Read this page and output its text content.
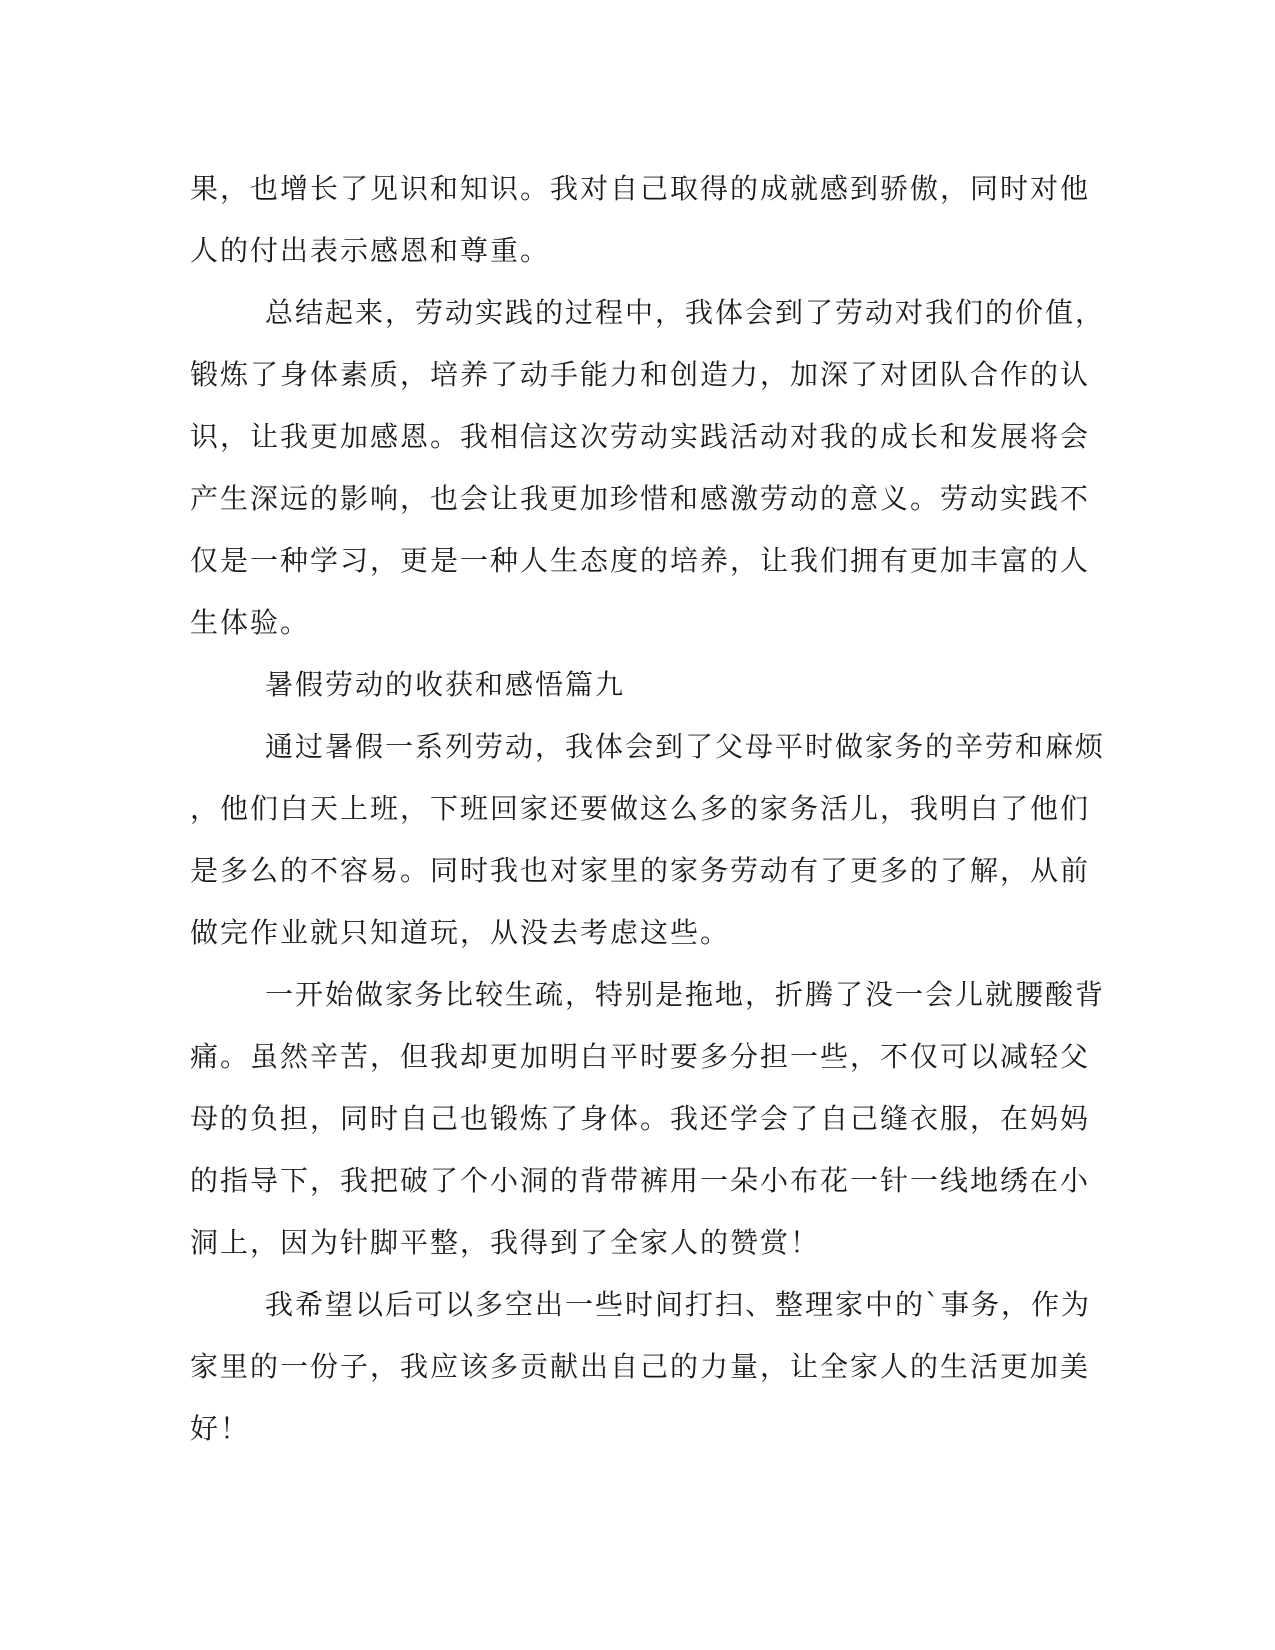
果，也增长了见识和知识。我对自己取得的成就感到骄傲，同时对他
人的付出表示感恩和尊重。
总结起来，劳动实践的过程中，我体会到了劳动对我们的价值，
锻炼了身体素质，培养了动手能力和创造力，加深了对团队合作的认
识，让我更加感恩。我相信这次劳动实践活动对我的成长和发展将会
产生深远的影响，也会让我更加珍惜和感激劳动的意义。劳动实践不
仅是一种学习，更是一种人生态度的培养，让我们拥有更加丰富的人
生体验。
暑假劳动的收获和感悟篇九
通过暑假一系列劳动，我体会到了父母平时做家务的辛劳和麻烦
，他们白天上班，下班回家还要做这么多的家务活儿，我明白了他们
是多么的不容易。同时我也对家里的家务劳动有了更多的了解，从前
做完作业就只知道玩，从没去考虑这些。
一开始做家务比较生疏，特别是拖地，折腾了没一会儿就腰酸背
痛。虽然辛苦，但我却更加明白平时要多分担一些，不仅可以减轻父
母的负担，同时自己也锻炼了身体。我还学会了自己缝衣服，在妈妈
的指导下，我把破了个小洞的背带裤用一朵小布花一针一线地绣在小
洞上，因为针脚平整，我得到了全家人的赞赏！
我希望以后可以多空出一些时间打扫、整理家中的`事务，作为
家里的一份子，我应该多贡献出自己的力量，让全家人的生活更加美
好！
